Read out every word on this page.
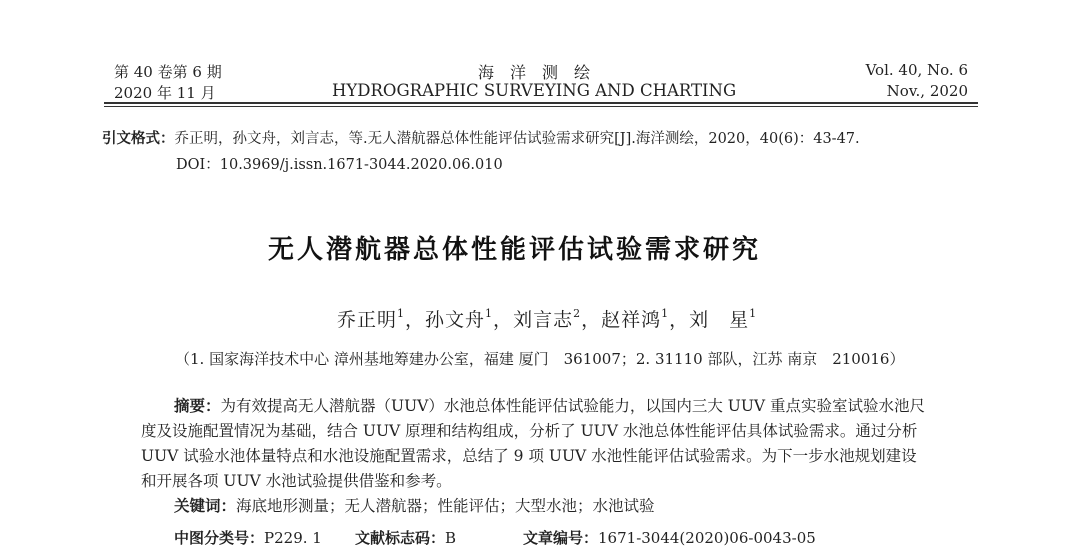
第 40 卷第 6 期
2020 年 11 月
海　洋　测　绘
HYDROGRAPHIC SURVEYING AND CHARTING
Vol. 40, No. 6
Nov., 2020
引文格式：乔正明，孙文舟，刘言志，等.无人潜航器总体性能评估试验需求研究[J].海洋测绘，2020，40(6)：43-47.
DOI：10.3969/j.issn.1671-3044.2020.06.010
无人潜航器总体性能评估试验需求研究
乔正明$^1$，孙文舟$^1$，刘言志$^2$，赵祥鸿$^1$，刘　星$^1$
（1. 国家海洋技术中心 漳州基地筹建办公室，福建 厦门　361007；2. 31110 部队，江苏 南京　210016）
摘要：为有效提高无人潜航器（UUV）水池总体性能评估试验能力，以国内三大 UUV 重点实验室试验水池尺
度及设施配置情况为基础，结合 UUV 原理和结构组成，分析了 UUV 水池总体性能评估具体试验需求。通过分析
UUV 试验水池体量特点和水池设施配置需求，总结了 9 项 UUV 水池性能评估试验需求。为下一步水池规划建设
和开展各项 UUV 水池试验提供借鉴和参考。
关键词：海底地形测量；无人潜航器；性能评估；大型水池；水池试验
中图分类号：P229. 1 文献标志码：B	文章编号：1671-3044(2020)06-0043-05
